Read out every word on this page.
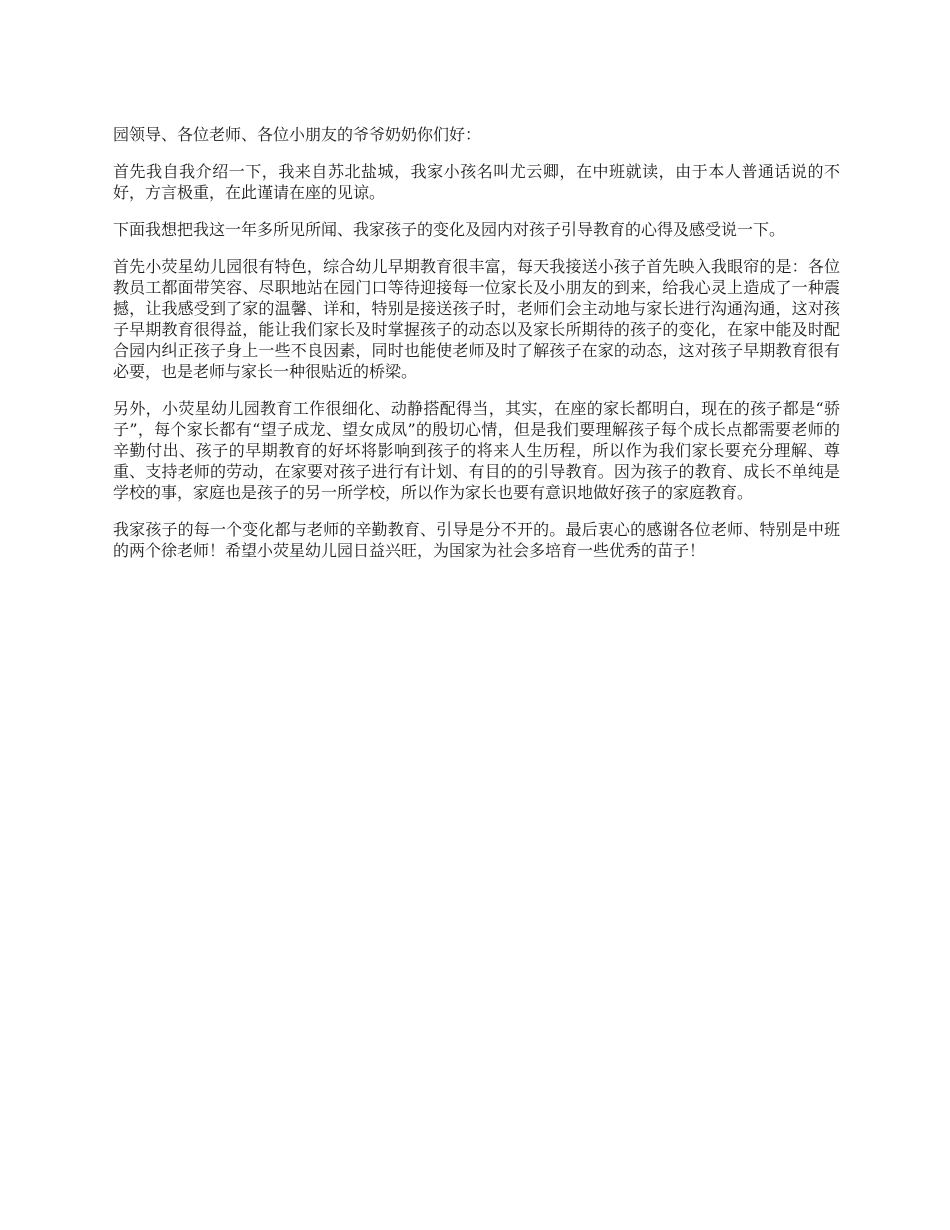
园领导、各位老师、各位小朋友的爷爷奶奶你们好：

首先我自我介绍一下，我来自苏北盐城，我家小孩名叫尤云卿，在中班就读，由于本人普通话说的不好，方言极重，在此谨请在座的见谅。

下面我想把我这一年多所见所闻、我家孩子的变化及园内对孩子引导教育的心得及感受说一下。

首先小荧星幼儿园很有特色，综合幼儿早期教育很丰富，每天我接送小孩子首先映入我眼帘的是：各位教员工都面带笑容、尽职地站在园门口等待迎接每一位家长及小朋友的到来，给我心灵上造成了一种震撼，让我感受到了家的温馨、详和，特别是接送孩子时，老师们会主动地与家长进行沟通沟通，这对孩子早期教育很得益，能让我们家长及时掌握孩子的动态以及家长所期待的孩子的变化，在家中能及时配合园内纠正孩子身上一些不良因素，同时也能使老师及时了解孩子在家的动态，这对孩子早期教育很有必要，也是老师与家长一种很贴近的桥梁。

另外，小荧星幼儿园教育工作很细化、动静搭配得当，其实，在座的家长都明白，现在的孩子都是“骄子”，每个家长都有“望子成龙、望女成凤”的殷切心情，但是我们要理解孩子每个成长点都需要老师的辛勤付出、孩子的早期教育的好坏将影响到孩子的将来人生历程，所以作为我们家长要充分理解、尊重、支持老师的劳动，在家要对孩子进行有计划、有目的的引导教育。因为孩子的教育、成长不单纯是学校的事，家庭也是孩子的另一所学校，所以作为家长也要有意识地做好孩子的家庭教育。

我家孩子的每一个变化都与老师的辛勤教育、引导是分不开的。最后衷心的感谢各位老师、特别是中班的两个徐老师！希望小荧星幼儿园日益兴旺，为国家为社会多培育一些优秀的苗子！
